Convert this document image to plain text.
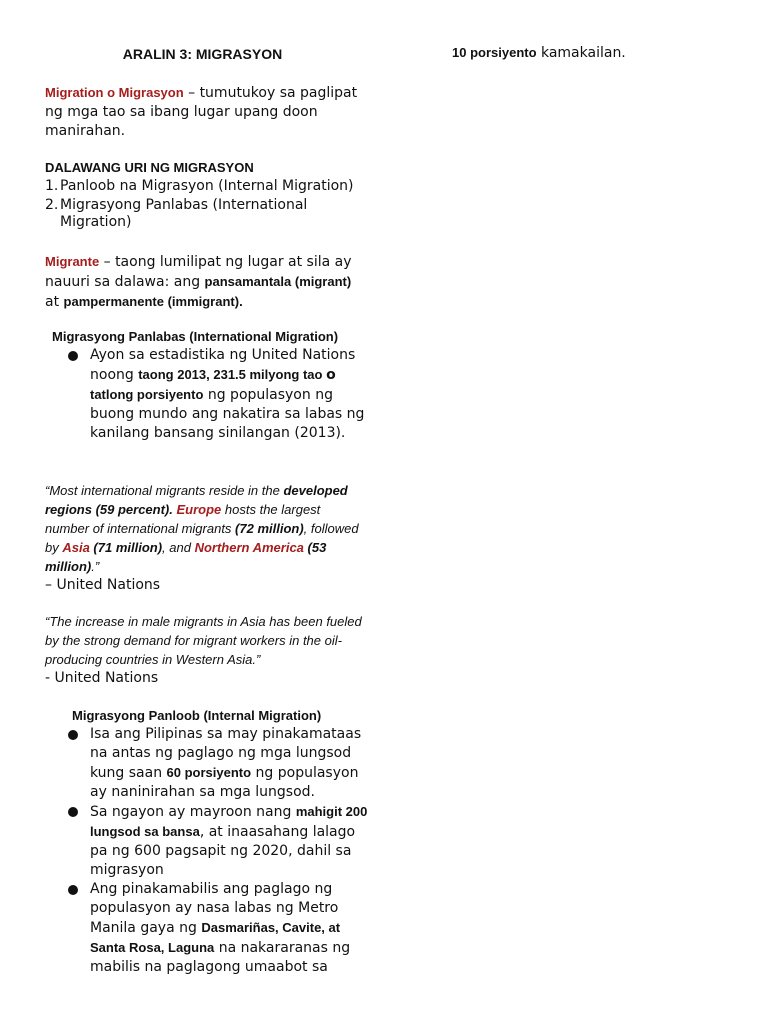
ARALIN 3: MIGRASYON	10 porsiyento kamakailan.

Migration o Migrasyon – tumutukoy sa paglipat ng mga tao sa ibang lugar upang doon manirahan.

DALAWANG URI NG MIGRASYON
1. Panloob na Migrasyon (Internal Migration)
2. Migrasyong Panlabas (International Migration)

Migrante – taong lumilipat ng lugar at sila ay nauuri sa dalawa: ang pansamantala (migrant) at pampermanente (immigrant).

Migrasyong Panlabas (International Migration)
Ayon sa estadistika ng United Nations noong taong 2013, 231.5 milyong tao o tatlong porsiyento ng populasyon ng buong mundo ang nakatira sa labas ng kanilang bansang sinilangan (2013).

“Most international migrants reside in the developed regions (59 percent). Europe hosts the largest number of international migrants (72 million), followed by Asia (71 million), and Northern America (53 million).”

– United Nations

“The increase in male migrants in Asia has been fueled by the strong demand for migrant workers in the oil-producing countries in Western Asia.”

- United Nations

Migrasyong Panloob (Internal Migration)
Isa ang Pilipinas sa may pinakamataas na antas ng paglago ng mga lungsod kung saan 60 porsiyento ng populasyon ay naninirahan sa mga lungsod.
Sa ngayon ay mayroon nang mahigit 200 lungsod sa bansa, at inaasahang lalago pa ng 600 pagsapit ng 2020, dahil sa migrasyon
Ang pinakamabilis ang paglago ng populasyon ay nasa labas ng Metro Manila gaya ng Dasmariñas, Cavite, at Santa Rosa, Laguna na nakararanas ng mabilis na paglagong umaabot sa
